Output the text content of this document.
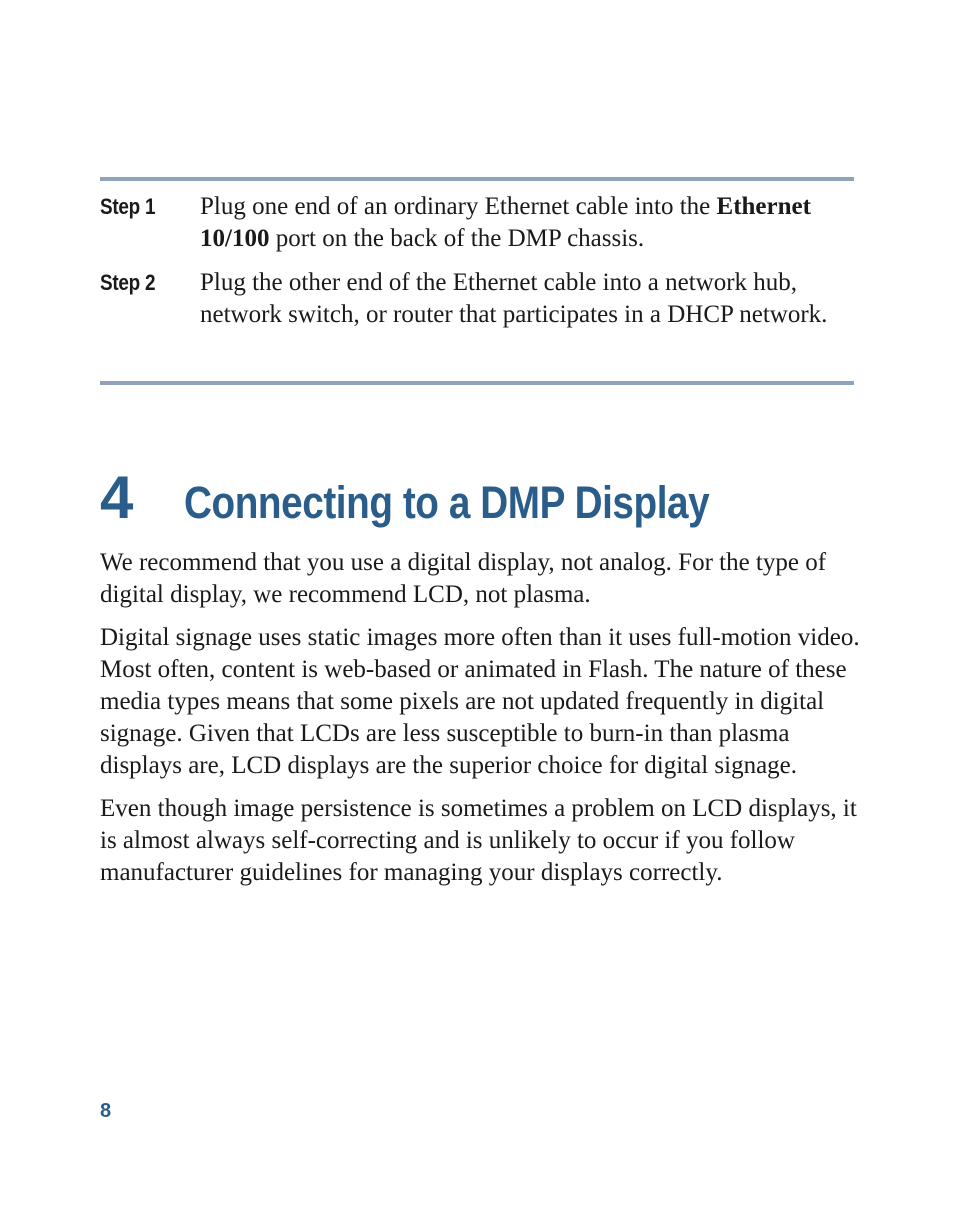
Step 1 Plug one end of an ordinary Ethernet cable into the Ethernet 10/100 port on the back of the DMP chassis.
Step 2 Plug the other end of the Ethernet cable into a network hub, network switch, or router that participates in a DHCP network.
4	Connecting to a DMP Display

We recommend that you use a digital display, not analog. For the type of digital display, we recommend LCD, not plasma.

Digital signage uses static images more often than it uses full-motion video. Most often, content is web-based or animated in Flash. The nature of these media types means that some pixels are not updated frequently in digital signage. Given that LCDs are less susceptible to burn-in than plasma displays are, LCD displays are the superior choice for digital signage.

Even though image persistence is sometimes a problem on LCD displays, it is almost always self-correcting and is unlikely to occur if you follow manufacturer guidelines for managing your displays correctly.

8
